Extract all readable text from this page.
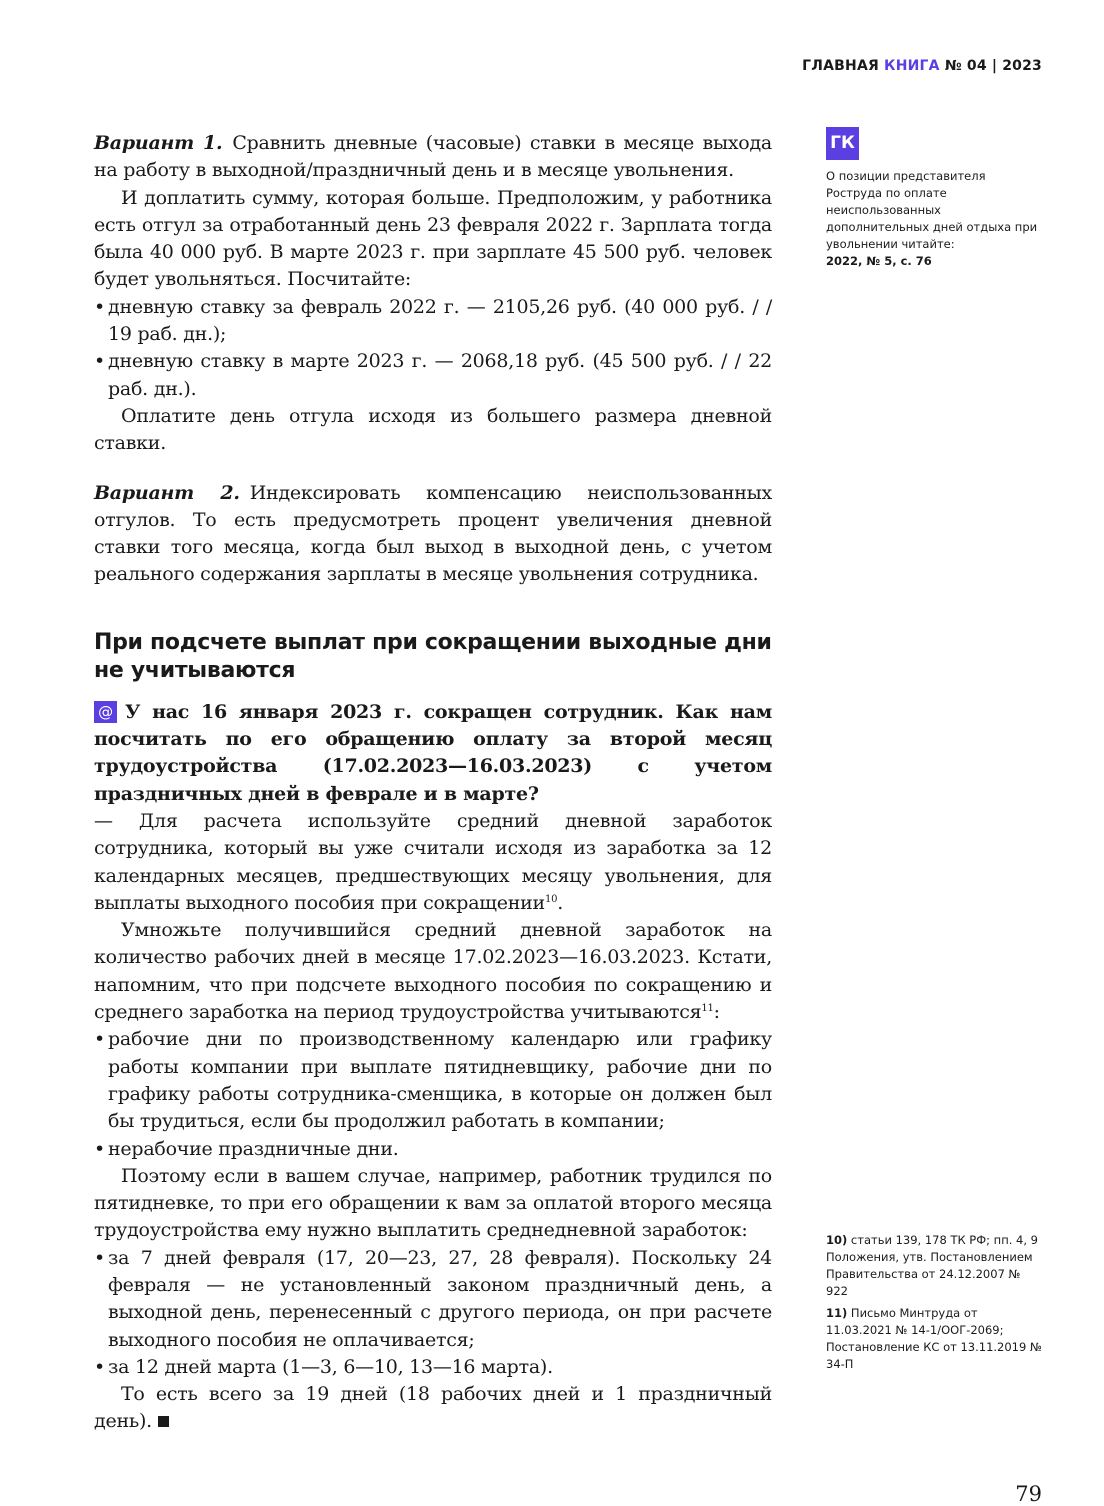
ГЛАВНАЯ КНИГА № 04 | 2023

Вариант 1. Сравнить дневные (часовые) ставки в месяце выхода на работу в выходной/праздничный день и в месяце увольнения.

И доплатить сумму, которая больше. Предположим, у работника есть отгул за отработанный день 23 февраля 2022 г. Зарплата тогда была 40 000 руб. В марте 2023 г. при зарплате 45 500 руб. человек будет увольняться. Посчитайте:

• дневную ставку за февраль 2022 г. — 2105,26 руб. (40 000 руб. / / 19 раб. дн.);

• дневную ставку в марте 2023 г. — 2068,18 руб. (45 500 руб. / / 22 раб. дн.).

Оплатите день отгула исходя из большего размера дневной ставки.

Вариант 2. Индексировать компенсацию неиспользованных отгулов. То есть предусмотреть процент увеличения дневной ставки того месяца, когда был выход в выходной день, с учетом реального содержания зарплаты в месяце увольнения сотрудника.

При подсчете выплат при сокращении выходные дни не учитываются

@ У нас 16 января 2023 г. сокращен сотрудник. Как нам посчитать по его обращению оплату за второй месяц трудоустройства (17.02.2023—16.03.2023) с учетом праздничных дней в феврале и в марте?

— Для расчета используйте средний дневной заработок сотрудника, который вы уже считали исходя из заработка за 12 календарных месяцев, предшествующих месяцу увольнения, для выплаты выходного пособия при сокращении$^{10}$.

Умножьте получившийся средний дневной заработок на количество рабочих дней в месяце 17.02.2023—16.03.2023. Кстати, напомним, что при подсчете выходного пособия по сокращению и среднего заработка на период трудоустройства учитываются$^{11}$:

• рабочие дни по производственному календарю или графику работы компании при выплате пятидневщику, рабочие дни по графику работы сотрудника-сменщика, в которые он должен был бы трудиться, если бы продолжил работать в компании;

• нерабочие праздничные дни.

Поэтому если в вашем случае, например, работник трудился по пятидневке, то при его обращении к вам за оплатой второго месяца трудоустройства ему нужно выплатить среднедневной заработок:

• за 7 дней февраля (17, 20—23, 27, 28 февраля). Поскольку 24 февраля — не установленный законом праздничный день, а выходной день, перенесенный с другого периода, он при расчете выходного пособия не оплачивается;

• за 12 дней марта (1—3, 6—10, 13—16 марта).

То есть всего за 19 дней (18 рабочих дней и 1 праздничный день).

ГК
О позиции представителя Роструда по оплате неиспользованных дополнительных дней отдыха при увольнении читайте:
2022, № 5, с. 76
10) статьи 139, 178 ТК РФ; пп. 4, 9 Положения, утв. Постановлением Правительства от 24.12.2007 № 922
11) Письмо Минтруда от 11.03.2021 № 14-1/ООГ-2069; Постановление КС от 13.11.2019 № 34-П
79
